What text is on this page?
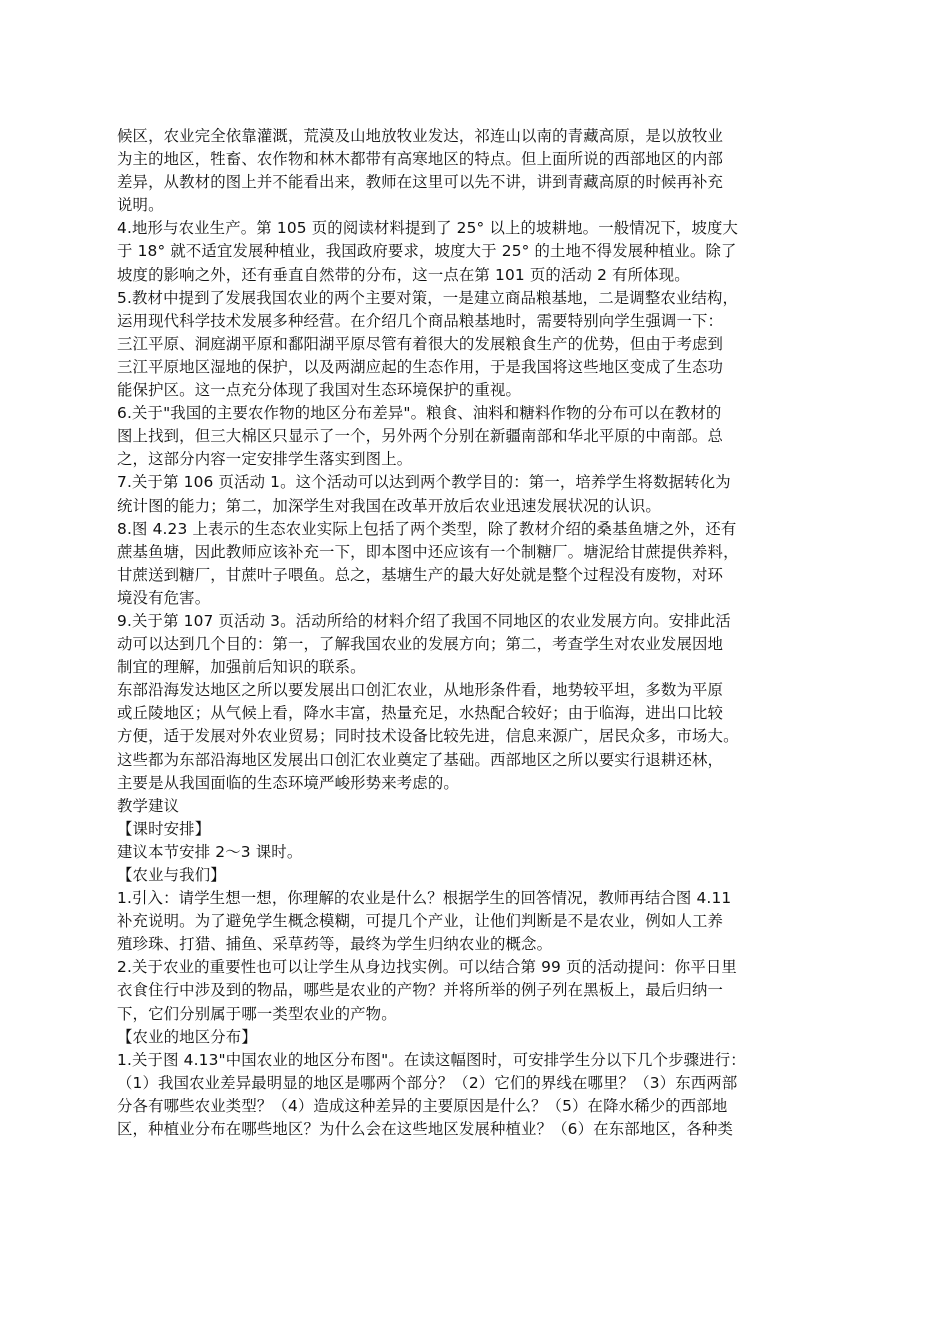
候区，农业完全依靠灌溉，荒漠及山地放牧业发达，祁连山以南的青藏高原，是以放牧业
为主的地区，牲畜、农作物和林木都带有高寒地区的特点。但上面所说的西部地区的内部
差异，从教材的图上并不能看出来，教师在这里可以先不讲，讲到青藏高原的时候再补充
说明。
4.地形与农业生产。第 105 页的阅读材料提到了 25° 以上的坡耕地。一般情况下，坡度大
于 18° 就不适宜发展种植业，我国政府要求，坡度大于 25° 的土地不得发展种植业。除了
坡度的影响之外，还有垂直自然带的分布，这一点在第 101 页的活动 2 有所体现。
5.教材中提到了发展我国农业的两个主要对策，一是建立商品粮基地，二是调整农业结构，
运用现代科学技术发展多种经营。在介绍几个商品粮基地时，需要特别向学生强调一下：
三江平原、洞庭湖平原和鄱阳湖平原尽管有着很大的发展粮食生产的优势，但由于考虑到
三江平原地区湿地的保护，以及两湖应起的生态作用，于是我国将这些地区变成了生态功
能保护区。这一点充分体现了我国对生态环境保护的重视。
6.关于"我国的主要农作物的地区分布差异"。粮食、油料和糖料作物的分布可以在教材的
图上找到，但三大棉区只显示了一个，另外两个分别在新疆南部和华北平原的中南部。总
之，这部分内容一定安排学生落实到图上。
7.关于第 106 页活动 1。这个活动可以达到两个教学目的：第一，培养学生将数据转化为
统计图的能力；第二，加深学生对我国在改革开放后农业迅速发展状况的认识。
8.图 4.23 上表示的生态农业实际上包括了两个类型，除了教材介绍的桑基鱼塘之外，还有
蔗基鱼塘，因此教师应该补充一下，即本图中还应该有一个制糖厂。塘泥给甘蔗提供养料，
甘蔗送到糖厂，甘蔗叶子喂鱼。总之，基塘生产的最大好处就是整个过程没有废物，对环
境没有危害。
9.关于第 107 页活动 3。活动所给的材料介绍了我国不同地区的农业发展方向。安排此活
动可以达到几个目的：第一，了解我国农业的发展方向；第二，考查学生对农业发展因地
制宜的理解，加强前后知识的联系。
东部沿海发达地区之所以要发展出口创汇农业，从地形条件看，地势较平坦，多数为平原
或丘陵地区；从气候上看，降水丰富，热量充足，水热配合较好；由于临海，进出口比较
方便，适于发展对外农业贸易；同时技术设备比较先进，信息来源广，居民众多，市场大。
这些都为东部沿海地区发展出口创汇农业奠定了基础。西部地区之所以要实行退耕还林，
主要是从我国面临的生态环境严峻形势来考虑的。
教学建议
【课时安排】
建议本节安排 2～3 课时。
【农业与我们】
1.引入：请学生想一想，你理解的农业是什么？根据学生的回答情况，教师再结合图 4.11
补充说明。为了避免学生概念模糊，可提几个产业，让他们判断是不是农业，例如人工养
殖珍珠、打猎、捕鱼、采草药等，最终为学生归纳农业的概念。
2.关于农业的重要性也可以让学生从身边找实例。可以结合第 99 页的活动提问：你平日里
衣食住行中涉及到的物品，哪些是农业的产物？并将所举的例子列在黑板上，最后归纳一
下，它们分别属于哪一类型农业的产物。
【农业的地区分布】
1.关于图 4.13"中国农业的地区分布图"。在读这幅图时，可安排学生分以下几个步骤进行：
（1）我国农业差异最明显的地区是哪两个部分？（2）它们的界线在哪里？（3）东西两部
分各有哪些农业类型？（4）造成这种差异的主要原因是什么？（5）在降水稀少的西部地
区，种植业分布在哪些地区？为什么会在这些地区发展种植业？（6）在东部地区，各种类
